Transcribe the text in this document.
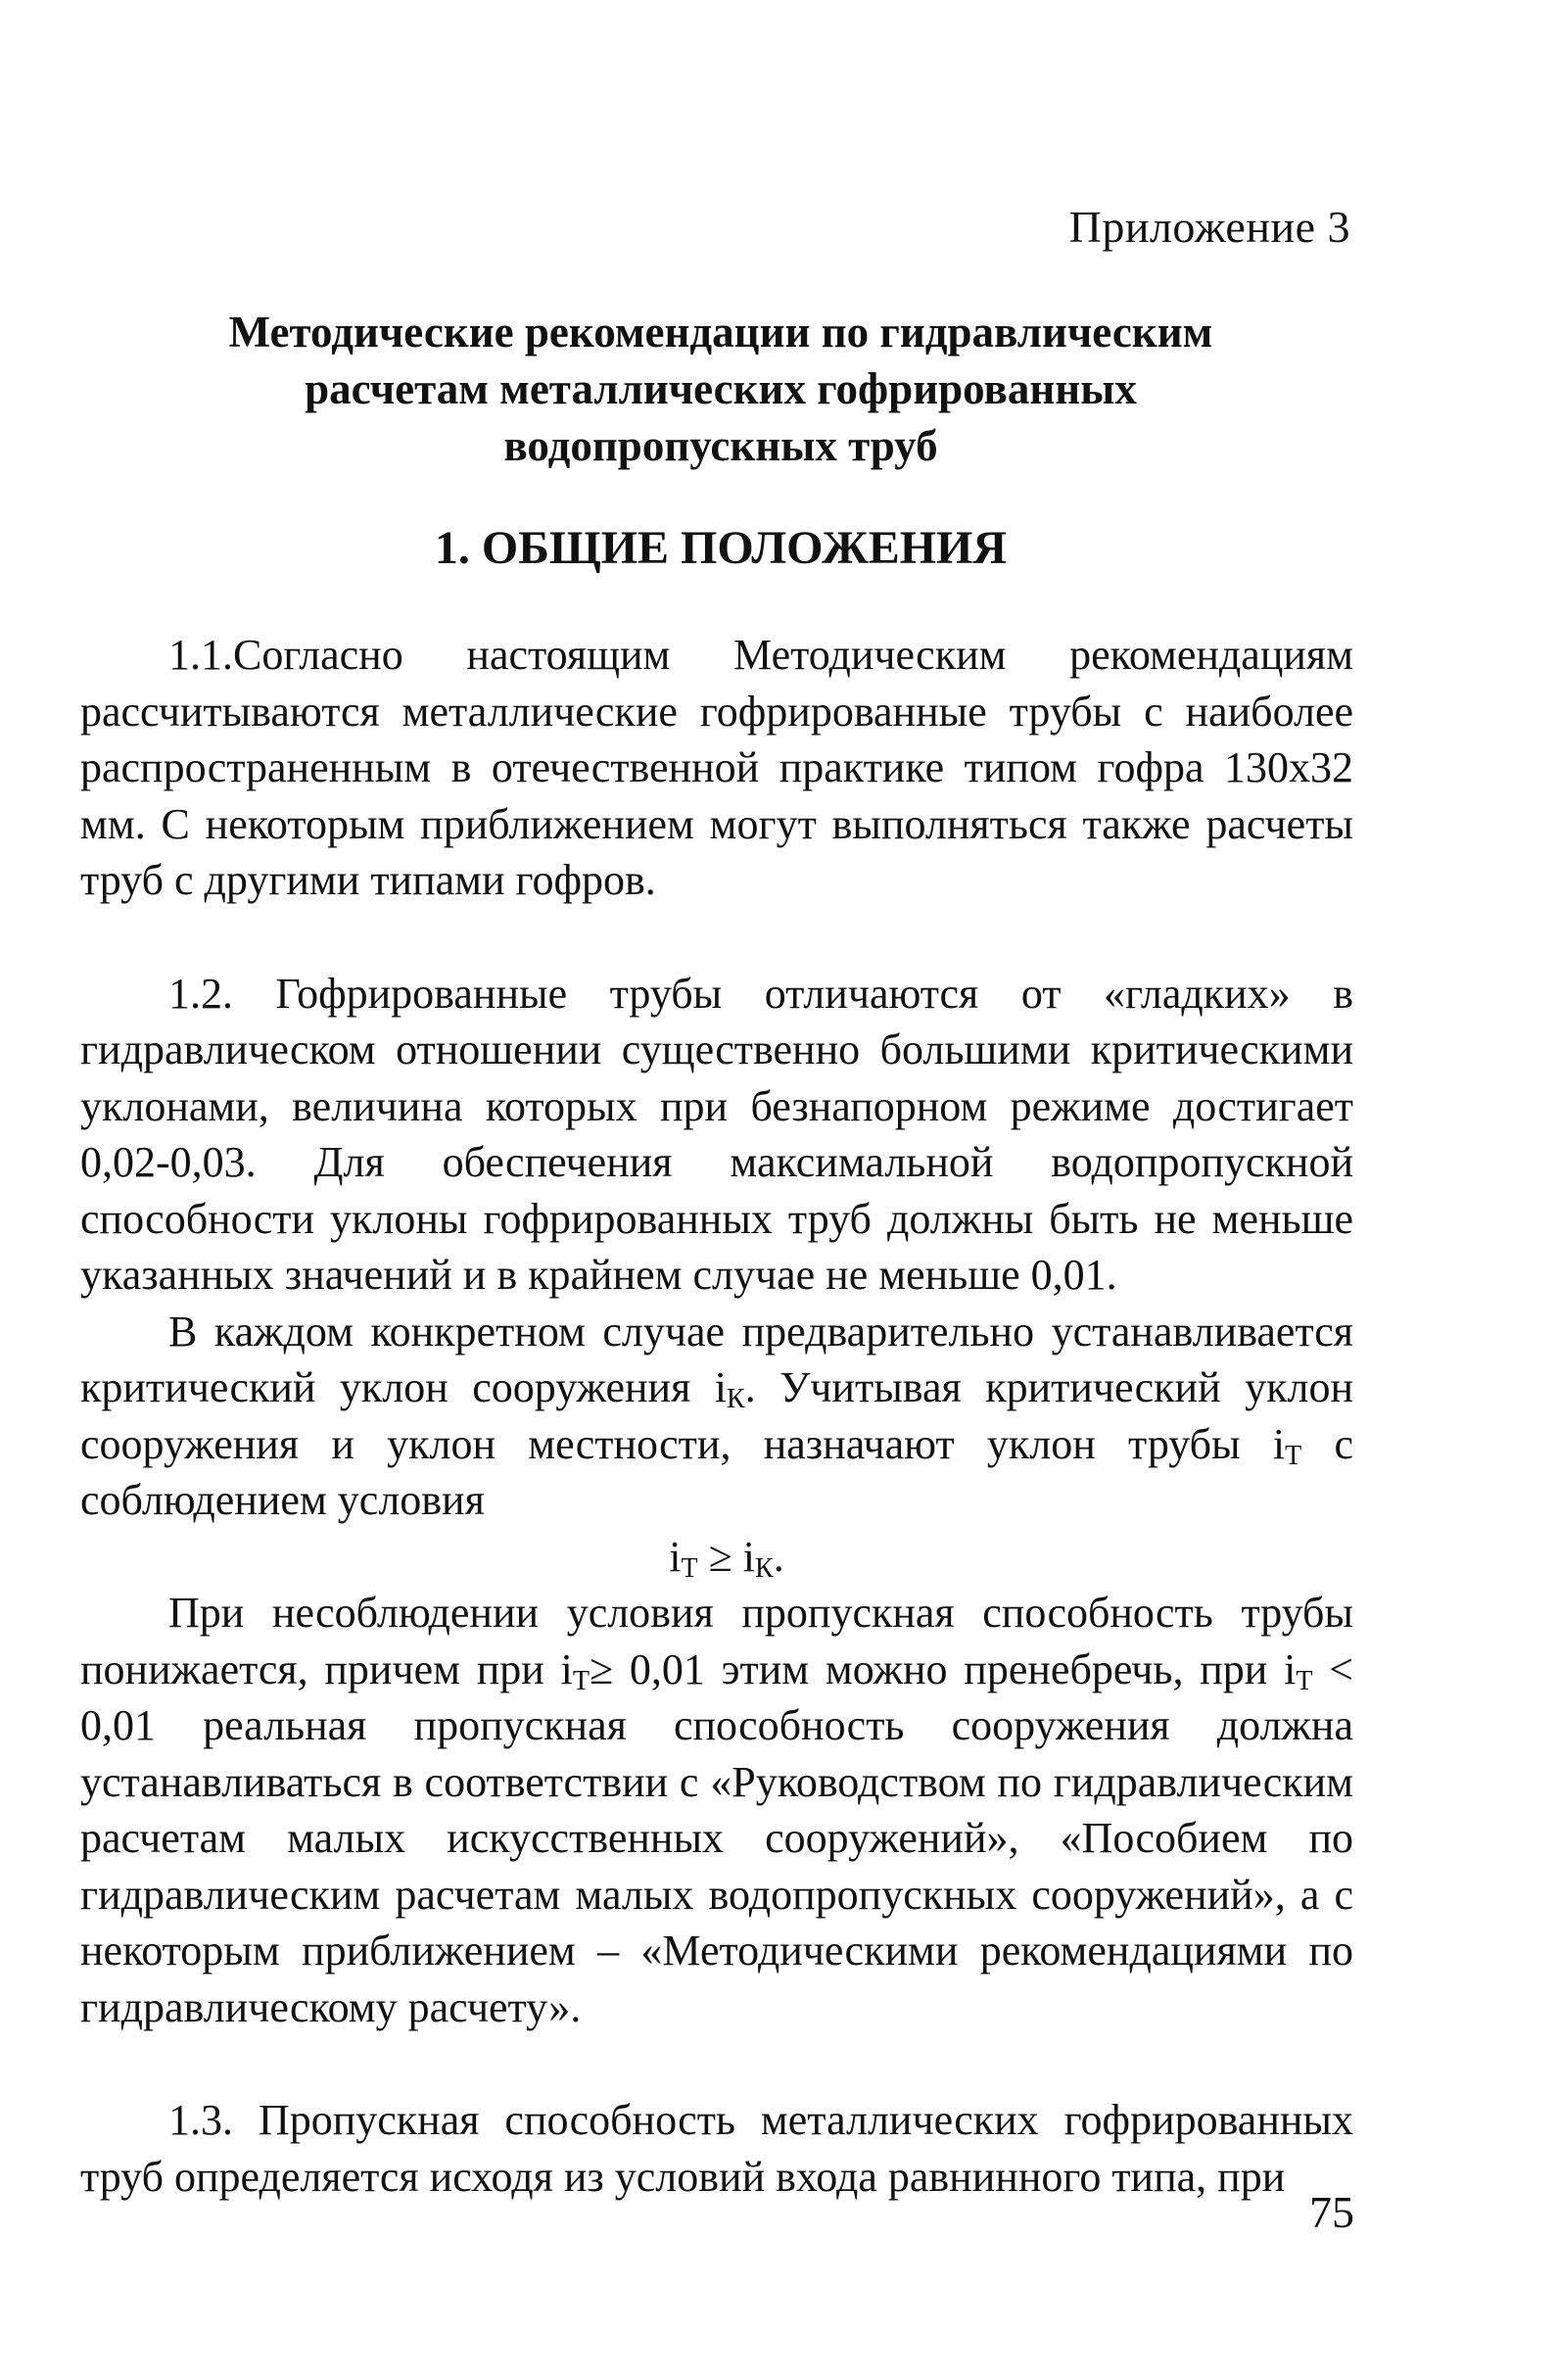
Приложение 3
Методические рекомендации по гидравлическим
расчетам металлических гофрированных
водопропускных труб
1. ОБЩИЕ ПОЛОЖЕНИЯ

1.1.Согласно настоящим Методическим рекомендациям рассчитываются металлические гофрированные трубы с наиболее распространенным в отечественной практике типом гофра 130х32 мм. С некоторым приближением могут выполняться также расчеты труб с другими типами гофров.

1.2. Гофрированные трубы отличаются от «гладких» в гидравлическом отношении существенно большими критическими уклонами, величина которых при безнапорном режиме достигает 0,02-0,03. Для обеспечения максимальной водопропускной способности уклоны гофрированных труб должны быть не меньше указанных значений и в крайнем случае не меньше 0,01.

В каждом конкретном случае предварительно устанавливается критический уклон сооружения $i_К$. Учитывая критический уклон сооружения и уклон местности, назначают уклон трубы $i_Т$ с соблюдением условия

$i_Т \ge i_К$.

При несоблюдении условия пропускная способность трубы понижается, причем при $i_Т\ge 0,01$ этим можно пренебречь, при $i_Т < 0,01$ реальная пропускная способность сооружения должна устанавливаться в соответствии с «Руководством по гидравлическим расчетам малых искусственных сооружений», «Пособием по гидравлическим расчетам малых водопропускных сооружений», а с некоторым приближением – «Методическими рекомендациями по гидравлическому расчету».

1.3. Пропускная способность металлических гофрированных труб определяется исходя из условий входа равнинного типа, при

75
